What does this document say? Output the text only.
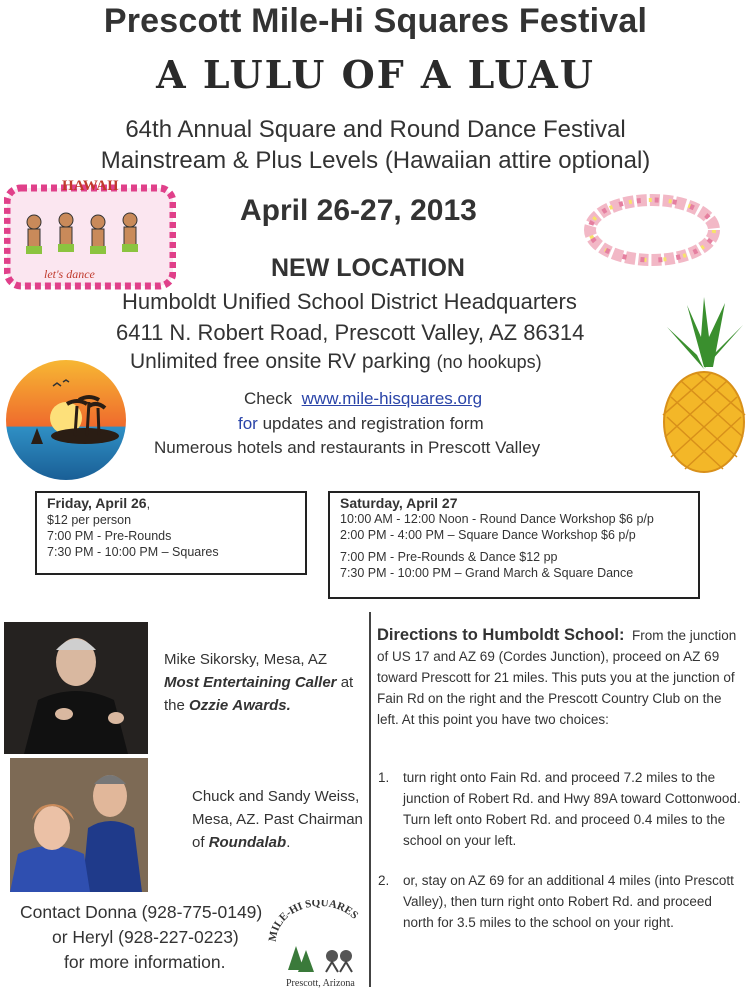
Prescott Mile-Hi Squares Festival
A LULU OF A LUAU
64th Annual Square and Round Dance Festival
Mainstream & Plus Levels (Hawaiian attire optional)
HAWAII
let's dance
April 26-27, 2013
NEW LOCATION
Humboldt Unified School District Headquarters
6411 N. Robert Road, Prescott Valley, AZ 86314
Unlimited free onsite RV parking (no hookups)
Check www.mile-hisquares.org
for updates and registration form
Numerous hotels and restaurants in Prescott Valley
Friday, April 26,
$12 per person
7:00 PM - Pre-Rounds
7:30 PM - 10:00 PM – Squares
Saturday, April 27
10:00 AM - 12:00 Noon - Round Dance Workshop $6 p/p
2:00 PM - 4:00 PM – Square Dance Workshop $6 p/p
7:00 PM - Pre-Rounds & Dance $12 pp
7:30 PM - 10:00 PM – Grand March & Square Dance
Mike Sikorsky, Mesa, AZ
Most Entertaining Caller at the Ozzie Awards.
Chuck and Sandy Weiss, Mesa, AZ. Past Chairman of Roundalab.
Contact Donna (928-775-0149)
or Heryl (928-227-0223)
for more information.
MILE-HI SQUARES
Prescott, Arizona
Directions to Humboldt School: From the junction of US 17 and AZ 69 (Cordes Junction), proceed on AZ 69 toward Prescott for 21 miles. This puts you at the junction of Fain Rd on the right and the Prescott Country Club on the left. At this point you have two choices:
1. turn right onto Fain Rd. and proceed 7.2 miles to the junction of Robert Rd. and Hwy 89A toward Cottonwood. Turn left onto Robert Rd. and proceed 0.4 miles to the school on your left.
2. or, stay on AZ 69 for an additional 4 miles (into Prescott Valley), then turn right onto Robert Rd. and proceed north for 3.5 miles to the school on your right.
